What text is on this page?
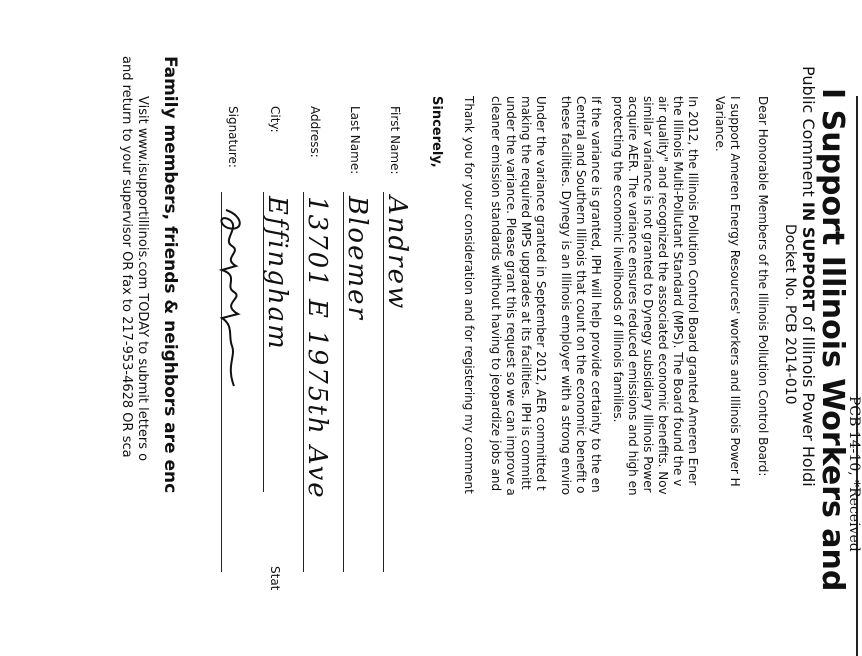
PCB 14-10, *Received
I Support Illinois Workers and
Public Comment IN SUPPORT of Illinois Power Holdi
Docket No. PCB 2014-010
Dear Honorable Members of the Illinois Pollution Control Board:
I support Ameren Energy Resources' workers and Illinois Power H
Variance.
In 2012, the Illinois Pollution Control Board granted Ameren Ener
the Illinois Multi-Pollutant Standard (MPS). The Board found the v
air quality" and recognized the associated economic benefits. Nov
similar variance is not granted to Dynegy subsidiary Illinois Power
acquire AER. The variance ensures reduced emissions and high en
protecting the economic livelihoods of Illinois families.
If the variance is granted, IPH will help provide certainty to the en
Central and Southern Illinois that count on the economic benefit o
these facilities. Dynegy is an Illinois employer with a strong enviro
Under the variance granted in September 2012, AER committed t
making the required MPS upgrades at its facilities. IPH is committ
under the variance. Please grant this request so we can improve a
cleaner emission standards without having to jeopardize jobs and
Thank you for your consideration and for registering my comment
Sincerely,
First Name:
Andrew
Last Name:
Bloemer
Address:
13701 E 1975th Ave
City:
Effingham
Stat
Signature:
Family members, friends & neighbors are enc
Visit www.isupportillinois.com TODAY to submit letters o
and return to your supervisor OR fax to 217-953-4628 OR sca
